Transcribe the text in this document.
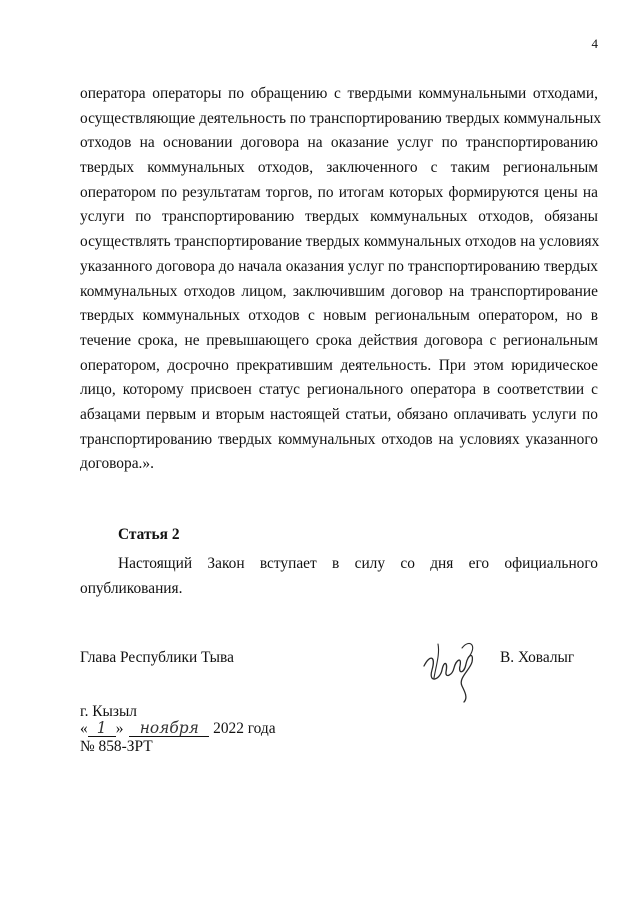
4
оператора операторы по обращению с твердыми коммунальными отходами,
осуществляющие деятельность по транспортированию твердых коммунальных
отходов на основании договора на оказание услуг по транспортированию
твердых коммунальных отходов, заключенного с таким региональным
оператором по результатам торгов, по итогам которых формируются цены на
услуги по транспортированию твердых коммунальных отходов, обязаны
осуществлять транспортирование твердых коммунальных отходов на условиях
указанного договора до начала оказания услуг по транспортированию твердых
коммунальных отходов лицом, заключившим договор на транспортирование
твердых коммунальных отходов с новым региональным оператором, но в
течение срока, не превышающего срока действия договора с региональным
оператором, досрочно прекратившим деятельность. При этом юридическое
лицо, которому присвоен статус регионального оператора в соответствии с
абзацами первым и вторым настоящей статьи, обязано оплачивать услуги по
транспортированию твердых коммунальных отходов на условиях указанного
договора.».
Статья 2
Настоящий Закон вступает в силу со дня его официального
опубликования.
Глава Республики Тыва	В. Ховалыг
г. Кызыл
« 1 » ноября 2022 года
№ 858-ЗРТ
